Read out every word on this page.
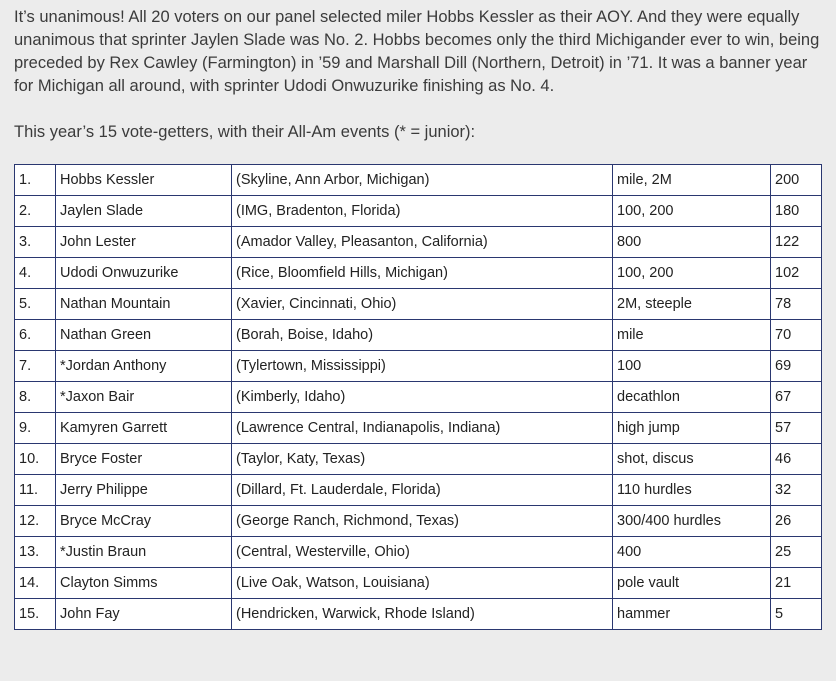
It’s unanimous! All 20 voters on our panel selected miler Hobbs Kessler as their AOY. And they were equally unanimous that sprinter Jaylen Slade was No. 2. Hobbs becomes only the third Michigander ever to win, being preceded by Rex Cawley (Farmington) in ’59 and Marshall Dill (Northern, Detroit) in ’71. It was a banner year for Michigan all around, with sprinter Udodi Onwuzurike finishing as No. 4.

This year’s 15 vote-getters, with their All-Am events (* = junior):

1.	Hobbs Kessler	(Skyline, Ann Arbor, Michigan)	mile, 2M	200
2.	Jaylen Slade	(IMG, Bradenton, Florida)	100, 200	180
3.	John Lester	(Amador Valley, Pleasanton, California)	800	122
4.	Udodi Onwuzurike	(Rice, Bloomfield Hills, Michigan)	100, 200	102
5.	Nathan Mountain	(Xavier, Cincinnati, Ohio)	2M, steeple	78
6.	Nathan Green	(Borah, Boise, Idaho)	mile	70
7.	*Jordan Anthony	(Tylertown, Mississippi)	100	69
8.	*Jaxon Bair	(Kimberly, Idaho)	decathlon	67
9.	Kamyren Garrett	(Lawrence Central, Indianapolis, Indiana)	high jump	57
10.	Bryce Foster	(Taylor, Katy, Texas)	shot, discus	46
11.	Jerry Philippe	(Dillard, Ft. Lauderdale, Florida)	110 hurdles	32
12.	Bryce McCray	(George Ranch, Richmond, Texas)	300/400 hurdles	26
13.	*Justin Braun	(Central, Westerville, Ohio)	400	25
14.	Clayton Simms	(Live Oak, Watson, Louisiana)	pole vault	21
15.	John Fay	(Hendricken, Warwick, Rhode Island)	hammer	5
